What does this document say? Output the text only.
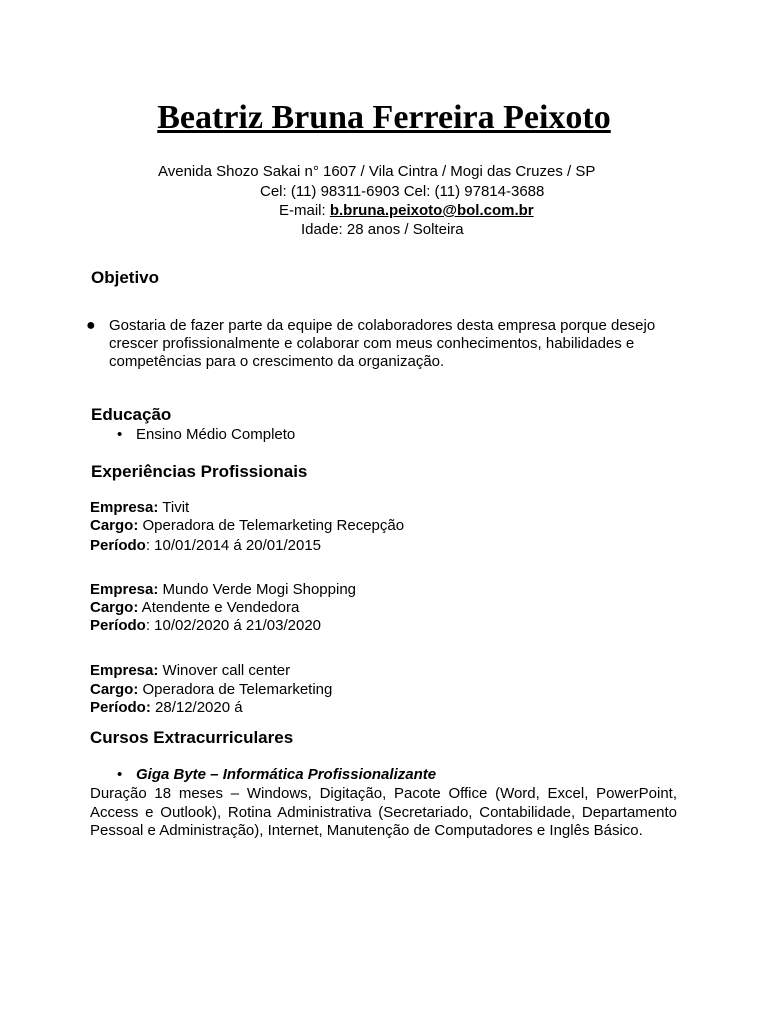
Beatriz Bruna Ferreira Peixoto
Avenida Shozo Sakai n° 1607 / Vila Cintra / Mogi das Cruzes / SP
Cel: (11) 98311-6903 Cel: (11) 97814-3688
E-mail: b.bruna.peixoto@bol.com.br
Idade: 28 anos / Solteira
Objetivo
● Gostaria de fazer parte da equipe de colaboradores desta empresa porque desejo crescer profissionalmente e colaborar com meus conhecimentos, habilidades e competências para o crescimento da organização.
Educação
• Ensino Médio Completo
Experiências Profissionais
Empresa: Tivit
Cargo: Operadora de Telemarketing Recepção
Período: 10/01/2014 á 20/01/2015
Empresa: Mundo Verde Mogi Shopping
Cargo: Atendente e Vendedora
Período: 10/02/2020 á 21/03/2020
Empresa: Winover call center
Cargo: Operadora de Telemarketing
Período: 28/12/2020 á
Cursos Extracurriculares
• Giga Byte – Informática Profissionalizante
Duração 18 meses – Windows, Digitação, Pacote Office (Word, Excel, PowerPoint, Access e Outlook), Rotina Administrativa (Secretariado, Contabilidade, Departamento Pessoal e Administração), Internet, Manutenção de Computadores e Inglês Básico.
